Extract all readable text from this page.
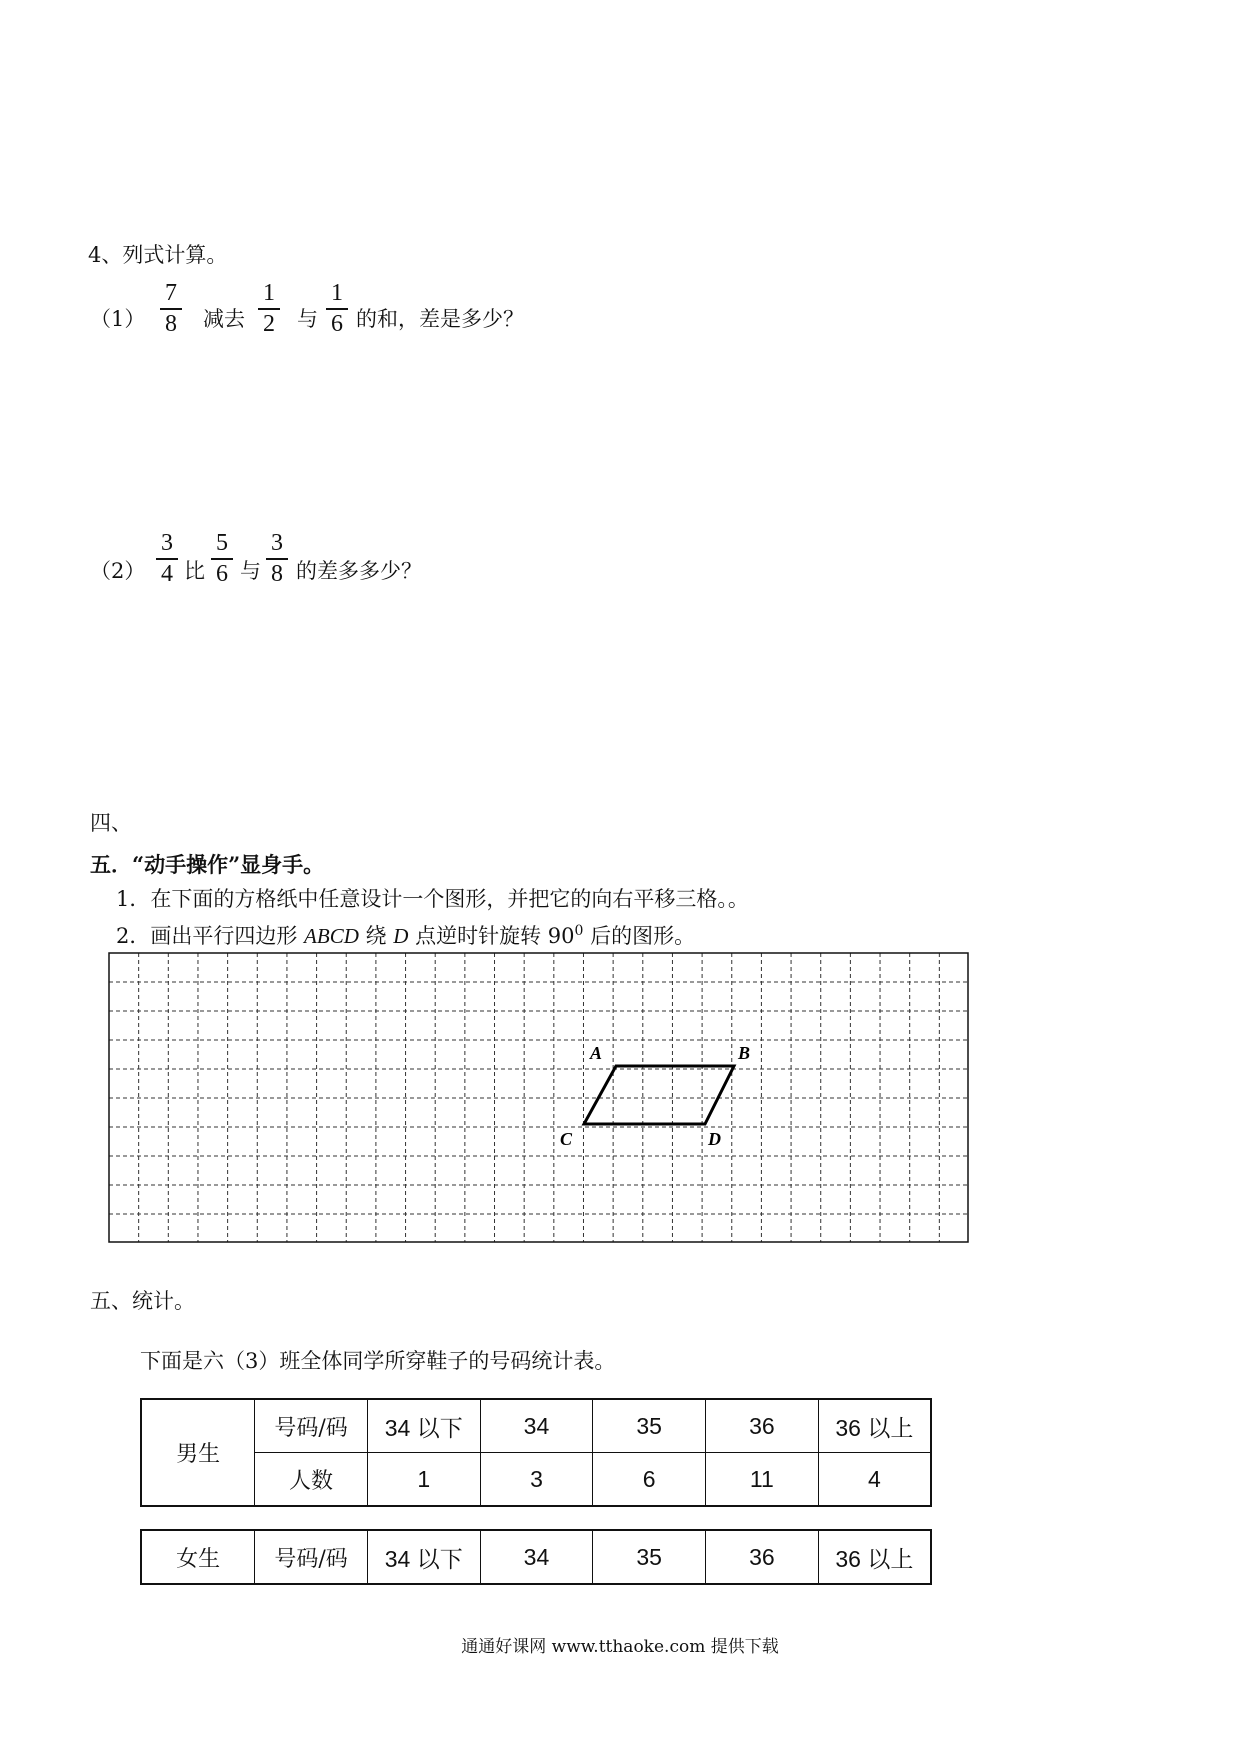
4、列式计算。
（1）
7
8 减去
1
2 与
1
6 的和，差是多少？
（2）
3
4 比
5
6 与
3
8 的差多多少？
四、
五．“动手操作”显身手。
1．在下面的方格纸中任意设计一个图形，并把它的向右平移三格。。
2．画出平行四边形 ABCD 绕 D 点逆时针旋转 $90^0$ 后的图形。
A	B
C	D
五、统计。
下面是六（3）班全体同学所穿鞋子的号码统计表。
男生	号码/码	34 以下	34	35	36	36 以上
	人数	1	3	6	11	4
女生	号码/码	34 以下	34	35	36	36 以上
通通好课网 www.tthaoke.com 提供下载
